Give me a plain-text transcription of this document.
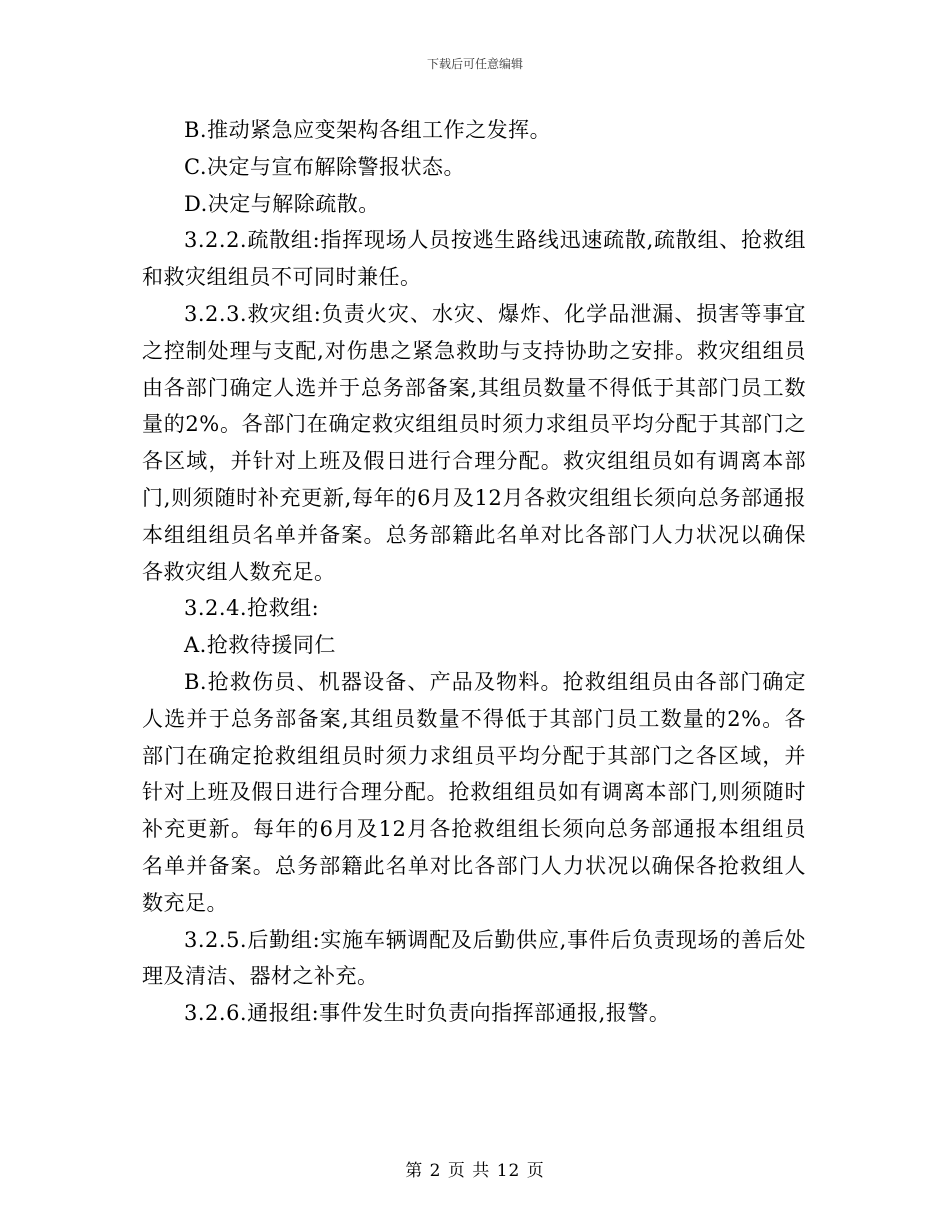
下载后可任意编辑

B.推动紧急应变架构各组工作之发挥。

C.决定与宣布解除警报状态。

D.决定与解除疏散。

3.2.2.疏散组:指挥现场人员按逃生路线迅速疏散,疏散组、抢救组和救灾组组员不可同时兼任。

3.2.3.救灾组:负责火灾、水灾、爆炸、化学品泄漏、损害等事宜之控制处理与支配,对伤患之紧急救助与支持协助之安排。救灾组组员由各部门确定人选并于总务部备案,其组员数量不得低于其部门员工数量的2%。各部门在确定救灾组组员时须力求组员平均分配于其部门之各区域，并针对上班及假日进行合理分配。救灾组组员如有调离本部门,则须随时补充更新,每年的6月及12月各救灾组组长须向总务部通报本组组组员名单并备案。总务部籍此名单对比各部门人力状况以确保各救灾组人数充足。

3.2.4.抢救组:

A.抢救待援同仁

B.抢救伤员、机器设备、产品及物料。抢救组组员由各部门确定人选并于总务部备案,其组员数量不得低于其部门员工数量的2%。各部门在确定抢救组组员时须力求组员平均分配于其部门之各区域，并针对上班及假日进行合理分配。抢救组组员如有调离本部门,则须随时补充更新。每年的6月及12月各抢救组组长须向总务部通报本组组员名单并备案。总务部籍此名单对比各部门人力状况以确保各抢救组人数充足。

3.2.5.后勤组:实施车辆调配及后勤供应,事件后负责现场的善后处理及清洁、器材之补充。

3.2.6.通报组:事件发生时负责向指挥部通报,报警。

第 2 页 共 12 页
